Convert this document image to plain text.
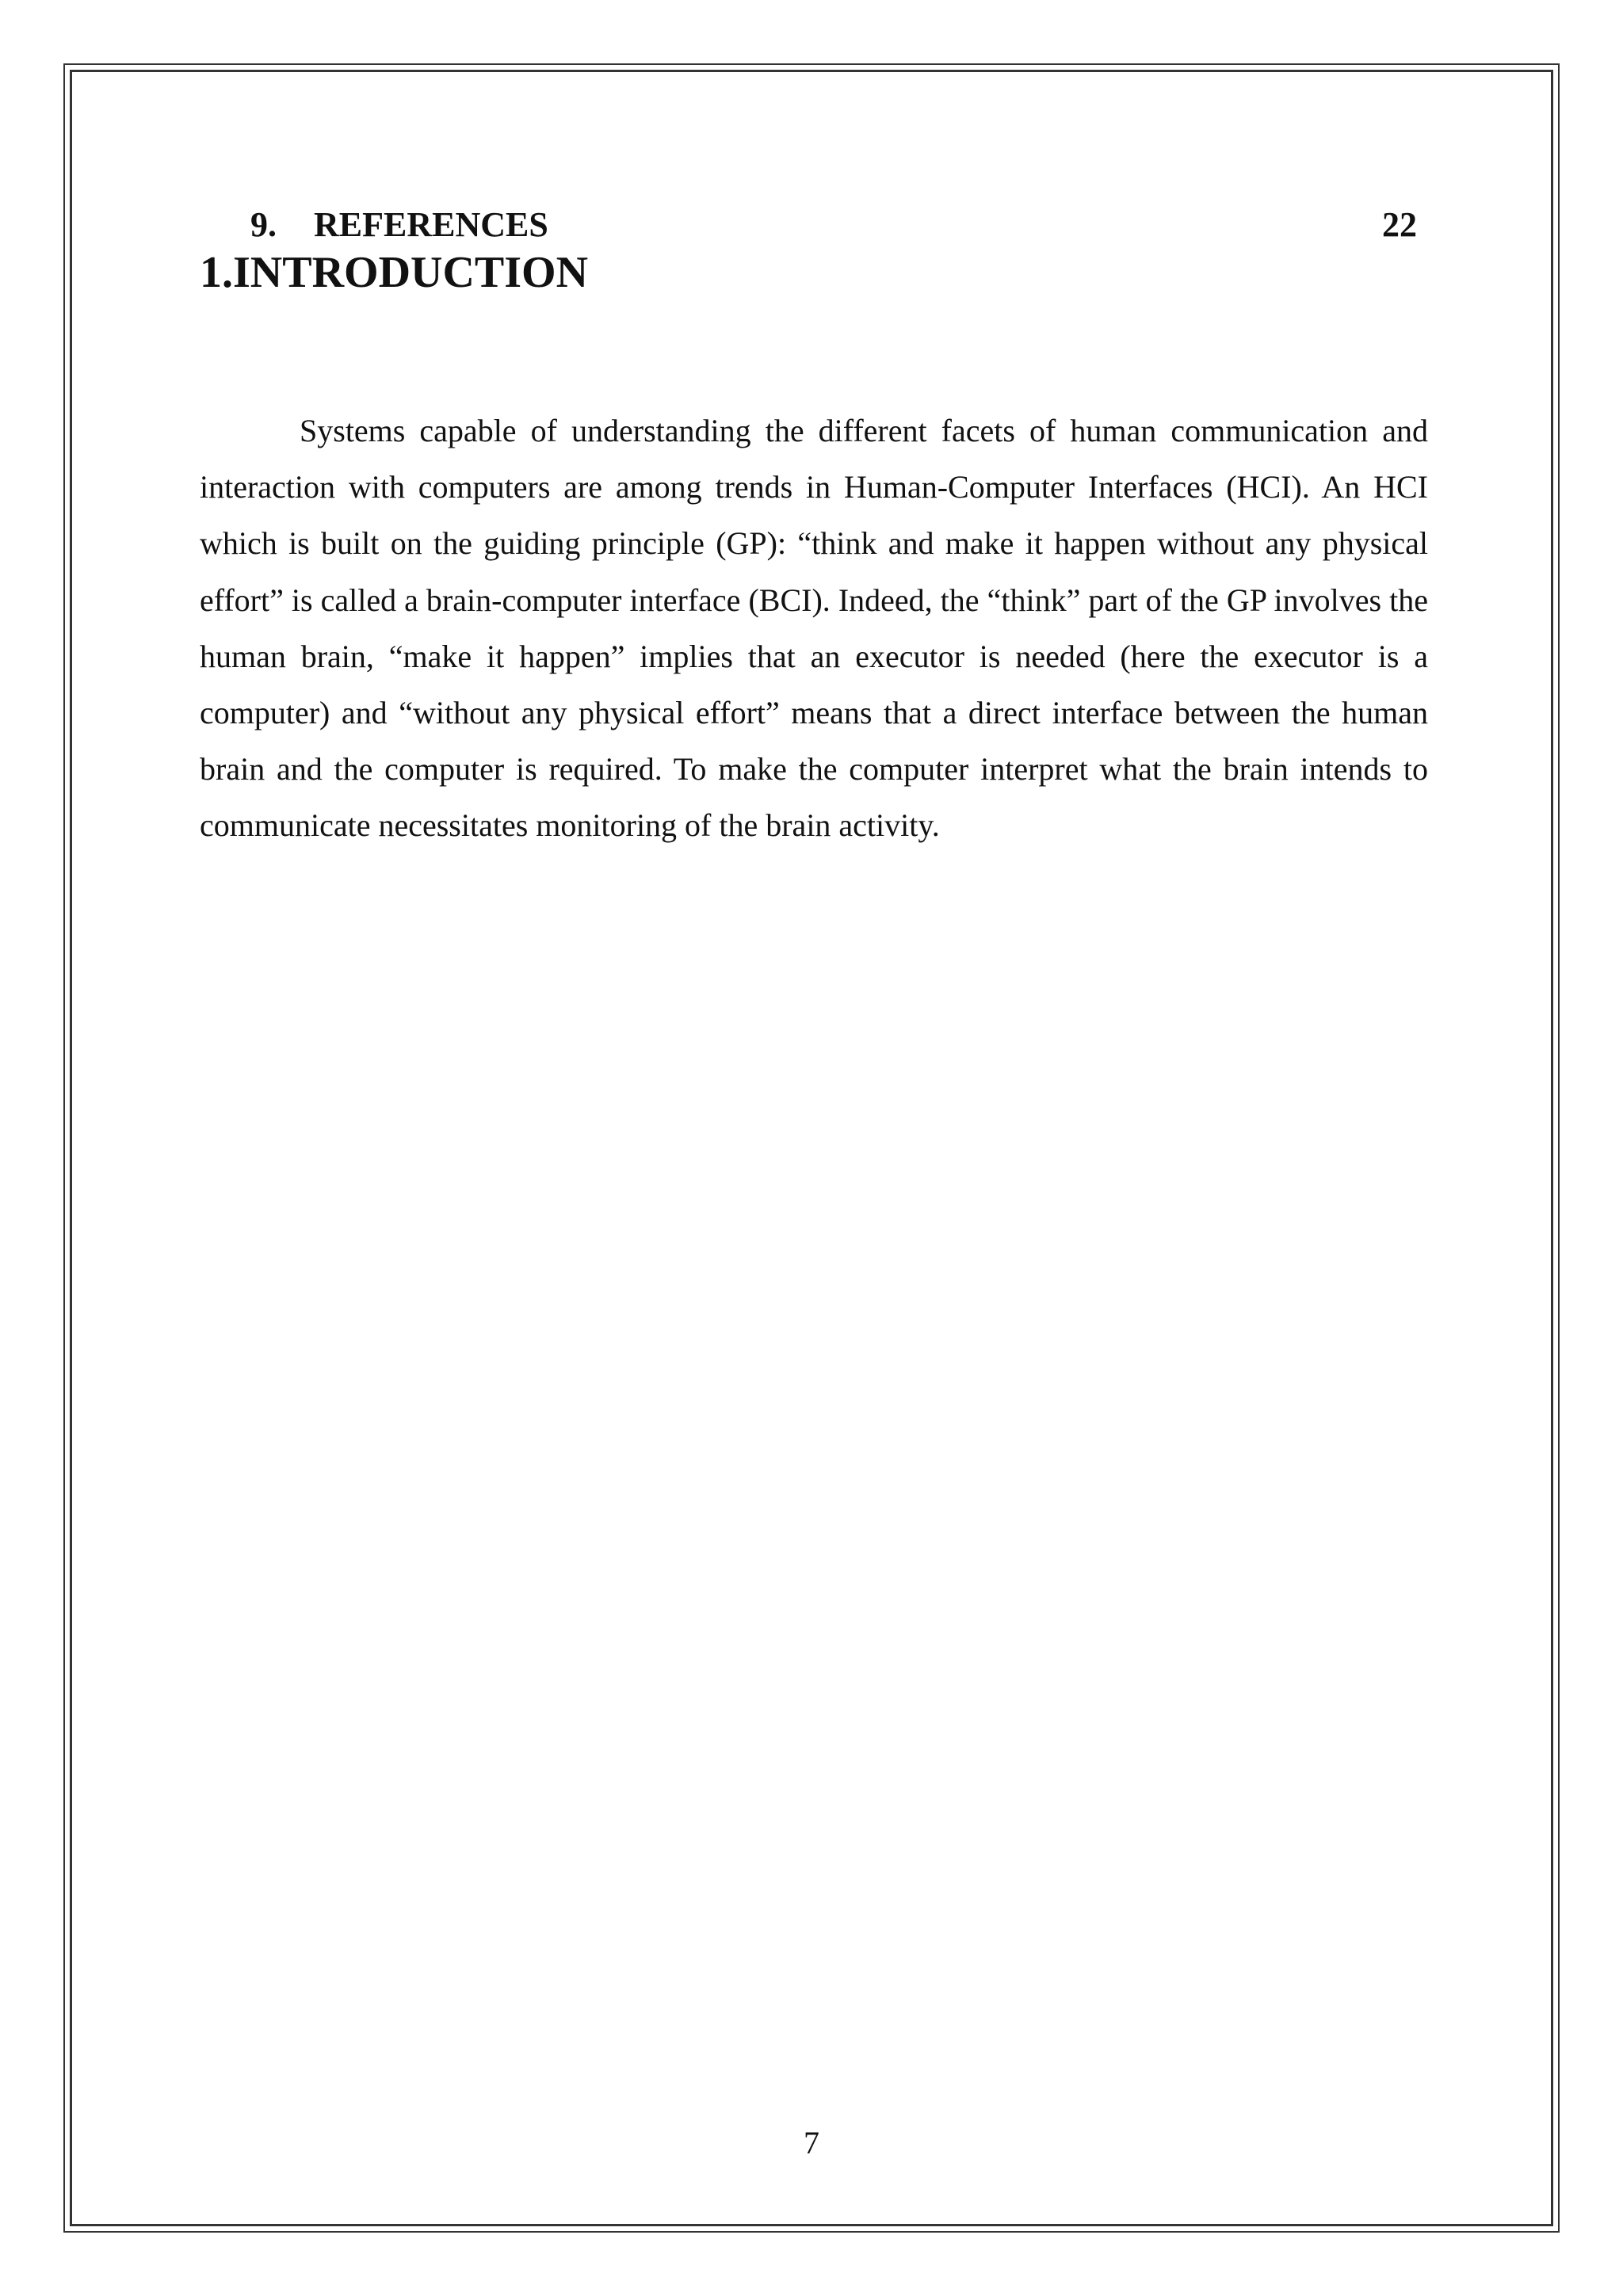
9. REFERENCES	22
1.INTRODUCTION

Systems capable of understanding the different facets of human communication and interaction with computers are among trends in Human-Computer Interfaces (HCI). An HCI which is built on the guiding principle (GP): “think and make it happen without any physical effort” is called a brain-computer interface (BCI). Indeed, the “think” part of the GP involves the human brain, “make it happen” implies that an executor is needed (here the executor is a computer) and “without any physical effort” means that a direct interface between the human brain and the computer is required. To make the computer interpret what the brain intends to communicate necessitates monitoring of the brain activity.

7
